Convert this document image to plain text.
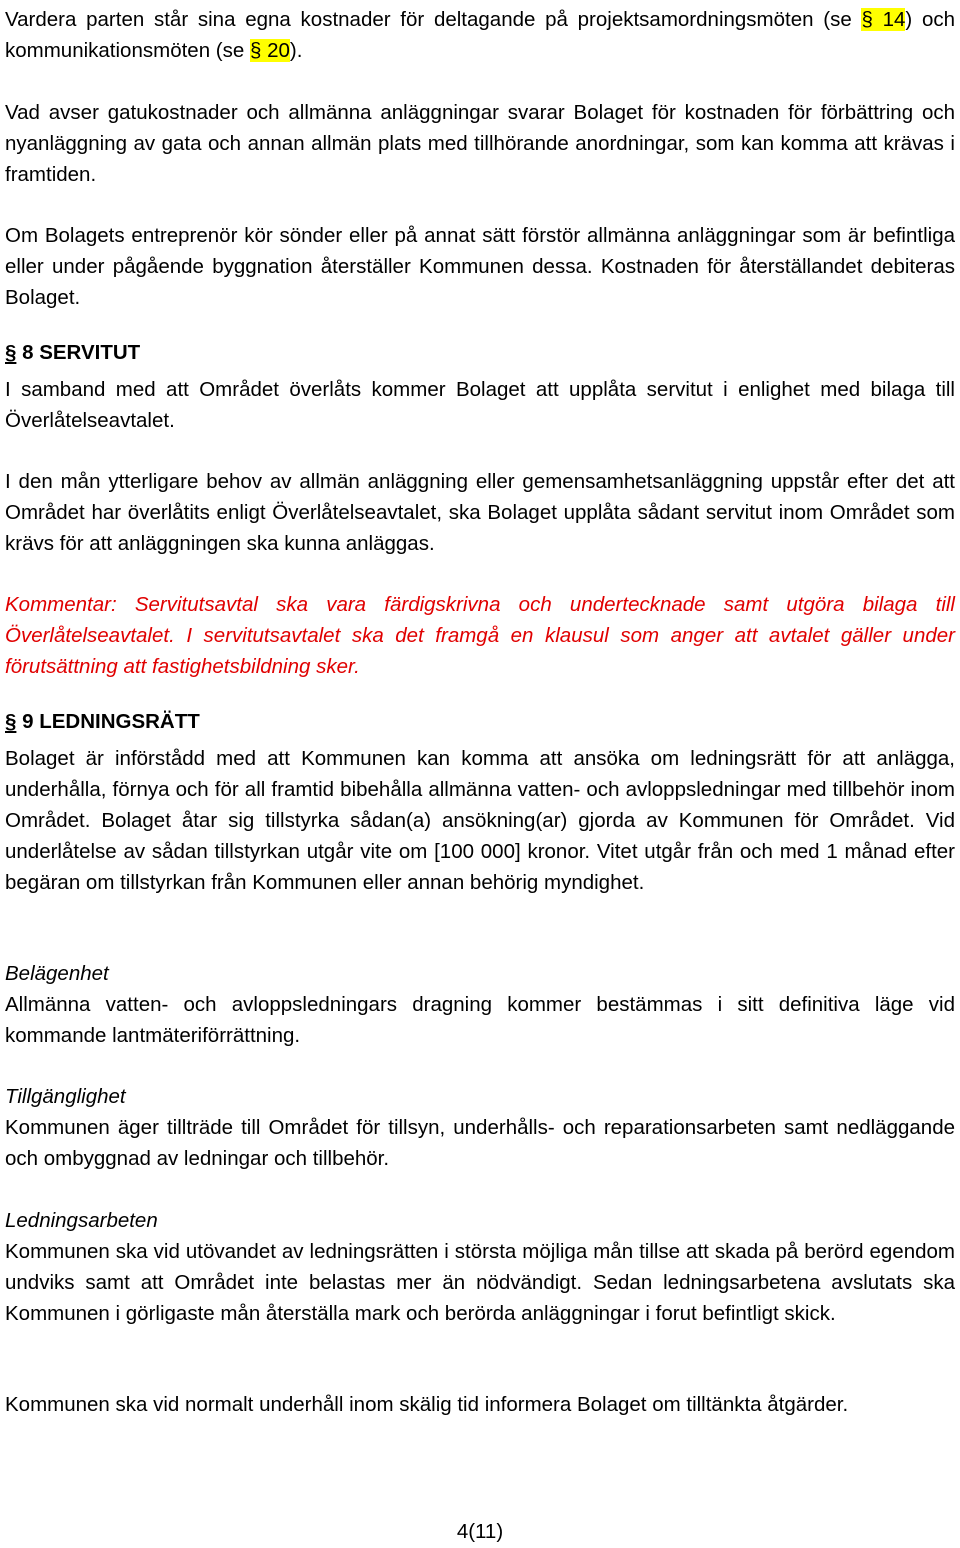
Vardera parten står sina egna kostnader för deltagande på projektsamordningsmöten (se § 14) och kommunikationsmöten (se § 20).

Vad avser gatukostnader och allmänna anläggningar svarar Bolaget för kostnaden för förbättring och nyanläggning av gata och annan allmän plats med tillhörande anordningar, som kan komma att krävas i framtiden.

Om Bolagets entreprenör kör sönder eller på annat sätt förstör allmänna anläggningar som är befintliga eller under pågående byggnation återställer Kommunen dessa. Kostnaden för återställandet debiteras Bolaget.

§ 8 SERVITUT

I samband med att Området överlåts kommer Bolaget att upplåta servitut i enlighet med bilaga till Överlåtelseavtalet.

I den mån ytterligare behov av allmän anläggning eller gemensamhetsanläggning uppstår efter det att Området har överlåtits enligt Överlåtelseavtalet, ska Bolaget upplåta sådant servitut inom Området som krävs för att anläggningen ska kunna anläggas.

Kommentar: Servitutsavtal ska vara färdigskrivna och undertecknade samt utgöra bilaga till Överlåtelseavtalet. I servitutsavtalet ska det framgå en klausul som anger att avtalet gäller under förutsättning att fastighetsbildning sker.

§ 9 LEDNINGSRÄTT

Bolaget är införstådd med att Kommunen kan komma att ansöka om ledningsrätt för att anlägga, underhålla, förnya och för all framtid bibehålla allmänna vatten- och avloppsledningar med tillbehör inom Området. Bolaget åtar sig tillstyrka sådan(a) ansökning(ar) gjorda av Kommunen för Området. Vid underlåtelse av sådan tillstyrkan utgår vite om [100 000] kronor. Vitet utgår från och med 1 månad efter begäran om tillstyrkan från Kommunen eller annan behörig myndighet.

Belägenhet

Allmänna vatten- och avloppsledningars dragning kommer bestämmas i sitt definitiva läge vid kommande lantmäteriförrättning.

Tillgänglighet

Kommunen äger tillträde till Området för tillsyn, underhålls- och reparationsarbeten samt nedläggande och ombyggnad av ledningar och tillbehör.

Ledningsarbeten

Kommunen ska vid utövandet av ledningsrätten i största möjliga mån tillse att skada på berörd egendom undviks samt att Området inte belastas mer än nödvändigt. Sedan ledningsarbetena avslutats ska Kommunen i görligaste mån återställa mark och berörda anläggningar i forut befintligt skick.

Kommunen ska vid normalt underhåll inom skälig tid informera Bolaget om tilltänkta åtgärder.

4(11)
